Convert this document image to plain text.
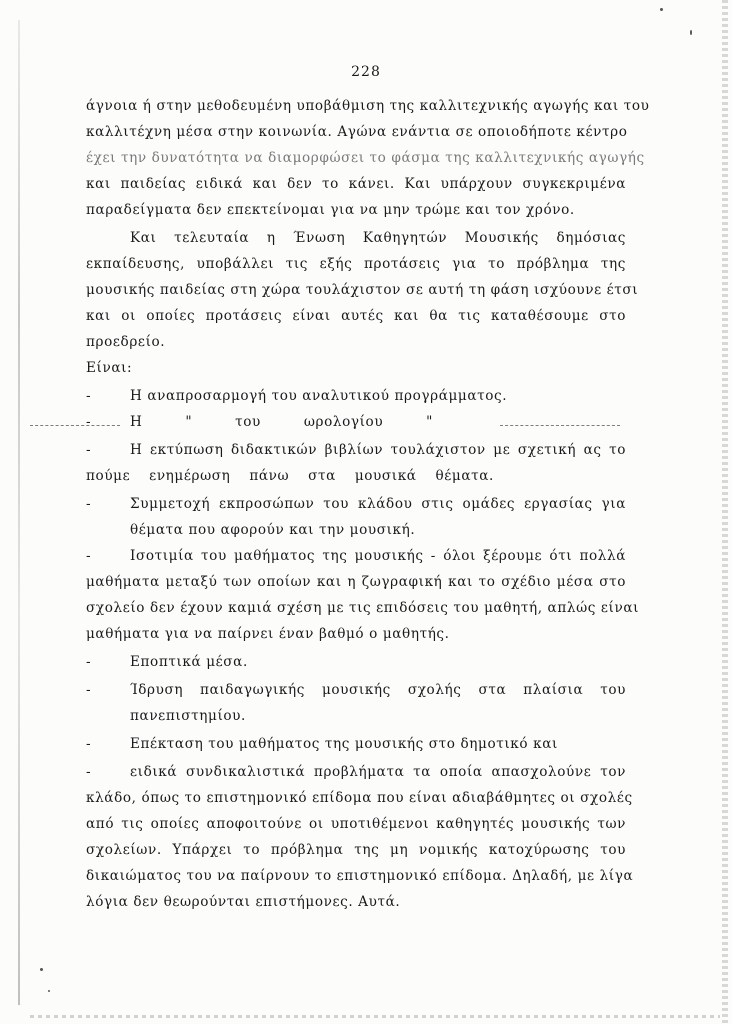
228
άγνοια ή στην μεθοδευμένη υποβάθμιση της καλλιτεχνικής αγωγής και του
καλλιτέχνη μέσα στην κοινωνία. Αγώνα ενάντια σε οποιοδήποτε κέντρο
έχει την δυνατότητα να διαμορφώσει το φάσμα της καλλιτεχνικής αγωγής
και παιδείας ειδικά και δεν το κάνει. Και υπάρχουν συγκεκριμένα
παραδείγματα δεν επεκτείνομαι για να μην τρώμε και τον χρόνο.
Και τελευταία η Ένωση Καθηγητών Μουσικής δημόσιας
εκπαίδευσης, υποβάλλει τις εξής προτάσεις για το πρόβλημα της
μουσικής παιδείας στη χώρα τουλάχιστον σε αυτή τη φάση ισχύουνε έτσι
και οι οποίες προτάσεις είναι αυτές και θα τις καταθέσουμε στο
προεδρείο.
Είναι:
-	Η αναπροσαρμογή του αναλυτικού προγράμματος.
-	Η " του ωρολογίου "
-	Η εκτύπωση διδακτικών βιβλίων τουλάχιστον με σχετική ας το
πούμε ενημέρωση πάνω στα μουσικά θέματα.
-	Συμμετοχή εκπροσώπων του κλάδου στις ομάδες εργασίας για
θέματα που αφορούν και την μουσική.
-	Ισοτιμία του μαθήματος της μουσικής - όλοι ξέρουμε ότι πολλά
μαθήματα μεταξύ των οποίων και η ζωγραφική και το σχέδιο μέσα στο
σχολείο δεν έχουν καμιά σχέση με τις επιδόσεις του μαθητή, απλώς είναι
μαθήματα για να παίρνει έναν βαθμό ο μαθητής.
-	Εποπτικά μέσα.
-	Ίδρυση παιδαγωγικής μουσικής σχολής στα πλαίσια του
πανεπιστημίου.
-	Επέκταση του μαθήματος της μουσικής στο δημοτικό και
-	ειδικά συνδικαλιστικά προβλήματα τα οποία απασχολούνε τον
κλάδο, όπως το επιστημονικό επίδομα που είναι αδιαβάθμητες οι σχολές
από τις οποίες αποφοιτούνε οι υποτιθέμενοι καθηγητές μουσικής των
σχολείων. Υπάρχει το πρόβλημα της μη νομικής κατοχύρωσης του
δικαιώματος του να παίρνουν το επιστημονικό επίδομα. Δηλαδή, με λίγα
λόγια δεν θεωρούνται επιστήμονες. Αυτά.
